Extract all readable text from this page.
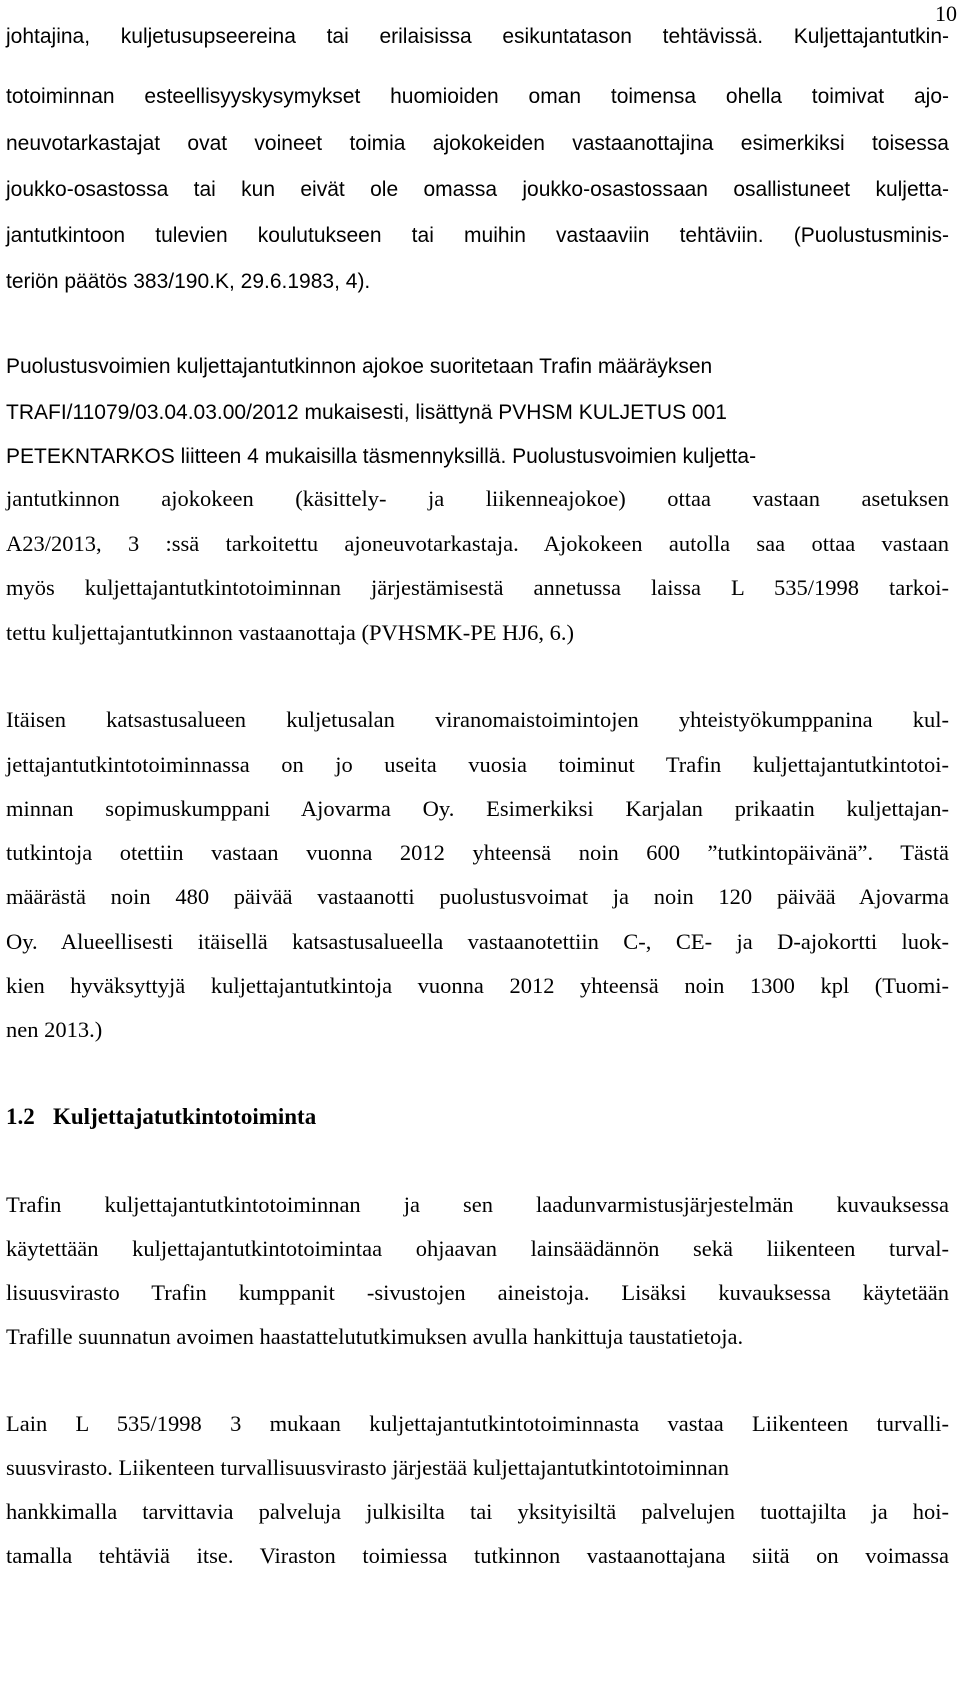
10
johtajina, kuljetusupseereina tai erilaisissa esikuntatason tehtävissä. Kuljettajantutkin-
totoiminnan esteellisyyskysymykset huomioiden oman toimensa ohella toimivat ajo-
neuvotarkastajat ovat voineet toimia ajokokeiden vastaanottajina esimerkiksi toisessa
joukko-osastossa tai kun eivät ole omassa joukko-osastossaan osallistuneet kuljetta-
jantutkintoon tulevien koulutukseen tai muihin vastaaviin tehtäviin. (Puolustusminis-
teriön päätös 383/190.K, 29.6.1983, 4).
Puolustusvoimien kuljettajantutkinnon ajokoe suoritetaan Trafin määräyksen
TRAFI/11079/03.04.03.00/2012 mukaisesti, lisättynä PVHSM KULJETUS 001
PETEKNTARKOS liitteen 4 mukaisilla täsmennyksillä. Puolustusvoimien kuljetta-
jantutkinnon ajokokeen (käsittely- ja liikenneajokoe) ottaa vastaan asetuksen
A23/2013, 3 :ssä tarkoitettu ajoneuvotarkastaja. Ajokokeen autolla saa ottaa vastaan
myös kuljettajantutkintotoiminnan järjestämisestä annetussa laissa L 535/1998 tarkoi-
tettu kuljettajantutkinnon vastaanottaja (PVHSMK-PE HJ6, 6.)
Itäisen katsastusalueen kuljetusalan viranomaistoimintojen yhteistyökumppanina kul-
jettajantutkintotoiminnassa on jo useita vuosia toiminut Trafin kuljettajantutkintotoi-
minnan sopimuskumppani Ajovarma Oy. Esimerkiksi Karjalan prikaatin kuljettajan-
tutkintoja otettiin vastaan vuonna 2012 yhteensä noin 600 ”tutkintopäivänä”. Tästä
määrästä noin 480 päivää vastaanotti puolustusvoimat ja noin 120 päivää Ajovarma
Oy. Alueellisesti itäisellä katsastusalueella vastaanotettiin C-, CE- ja D-ajokortti luok-
kien hyväksyttyjä kuljettajantutkintoja vuonna 2012 yhteensä noin 1300 kpl (Tuomi-
nen 2013.)
1.2 Kuljettajatutkintotoiminta
Trafin kuljettajantutkintotoiminnan ja sen laadunvarmistusjärjestelmän kuvauksessa
käytettään kuljettajantutkintotoimintaa ohjaavan lainsäädännön sekä liikenteen turval-
lisuusvirasto Trafin kumppanit -sivustojen aineistoja. Lisäksi kuvauksessa käytetään
Trafille suunnatun avoimen haastattelututkimuksen avulla hankittuja taustatietoja.
Lain L 535/1998 3 mukaan kuljettajantutkintotoiminnasta vastaa Liikenteen turvalli-
suusvirasto. Liikenteen turvallisuusvirasto järjestää kuljettajantutkintotoiminnan
hankkimalla tarvittavia palveluja julkisilta tai yksityisiltä palvelujen tuottajilta ja hoi-
tamalla tehtäviä itse. Viraston toimiessa tutkinnon vastaanottajana siitä on voimassa
